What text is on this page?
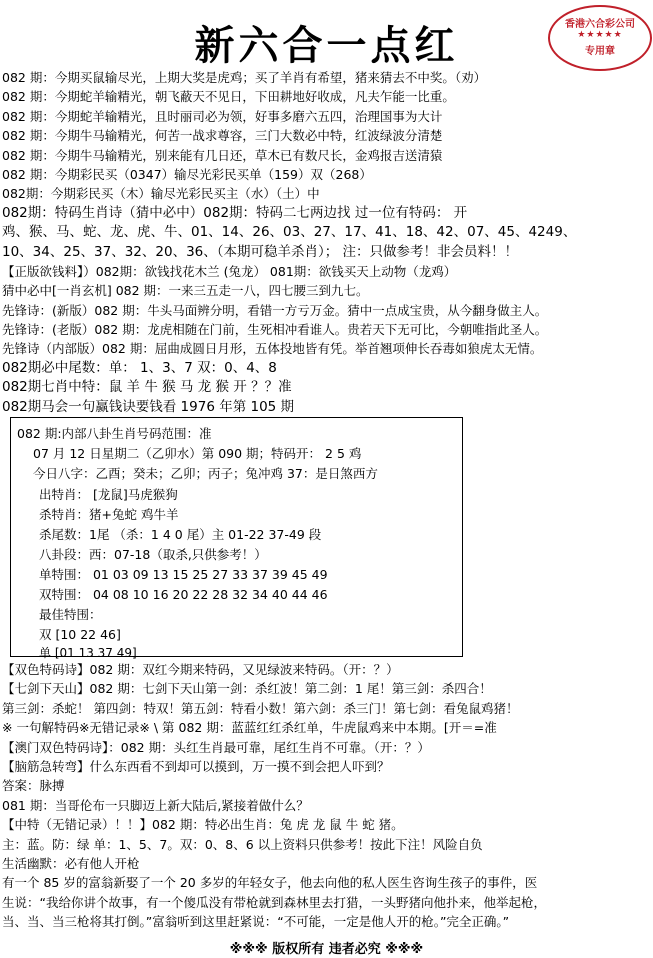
新六合一点红	香港六合彩公司
★★★★★
专用章
082 期：今期买鼠输尽光，上期大奖是虎鸡；买了羊肖有希望，猪来猜去不中奖。（劝）
082 期：今期蛇羊输精光，朝飞蔽天不见日，下田耕地好收成，凡夫乍能一比重。
082 期：今期蛇羊输精光，且时丽司必为领，好事多磨六五四，治理国事为大计
082 期：今期牛马输精光，何苦一战求尊容，三门大数必中特，红波绿波分清楚
082 期：今期牛马输精光，别来能有几日还，草木已有数尺长，金鸡报吉送清猿
082 期：今期彩民买（0347）输尽光彩民买单（159）双（268）
082期：今期彩民买（木）输尽光彩民买主（水）（土）中
082期：特码生肖诗（猜中必中）082期：特码二七两边找 过一位有特码： 开
鸡、猴、马、蛇、龙、虎、牛、01、14、26、03、27、17、41、18、42、07、45、4249、
10、34、25、37、32、20、36、（本期可稳羊杀肖）； 注：只做参考！非会员料！！
【正版欲钱料】）082期：欲钱找花木兰 (兔龙） 081期：欲钱买天上动物（龙鸡）
猜中必中[一肖玄机] 082 期：一来三五走一八，四七腰三到九七。
先锋诗：(新版）082 期：牛头马面辨分明，看错一方亏万金。猜中一点成宝贵，从今翻身做主人。
先锋诗：(老版）082 期：龙虎相随在门前，生死相冲看谁人。贵若天下无可比，今朝唯指此圣人。
先锋诗（内部版）082 期：屈曲成圆日月形，五体投地皆有凭。举首翘项伸长吞毒如狼虎太无情。
082期必中尾数：单： 1、3、7 双：0、4、8
082期七肖中特：鼠 羊 牛 猴 马 龙 猴 开 ？？准
082期马会一句赢钱诀要钱看 1976 年第 105 期
082 期:内部八卦生肖号码范围：准
07 月 12 日星期二（乙卯水）第 090 期；特码开： 2 5 鸡
今日八字：乙酉；癸未；乙卯；丙子；兔冲鸡 37：是日煞西方
出特肖： [龙鼠]马虎猴狗
杀特肖：猪+兔蛇 鸡牛羊
杀尾数：1尾 （杀：1 4 0 尾）主 01-22 37-49 段
八卦段：西：07-18（取杀,只供参考！）
单特围： 01 03 09 13 15 25 27 33 37 39 45 49
双特围： 04 08 10 16 20 22 28 32 34 40 44 46
最佳特围：
双 [10 22 46]
单 [01 13 37 49]
【双色特码诗】082 期：双红今期来特码，又见绿波来特码。（开：？）
【七剑下天山】082 期：七剑下天山第一剑：杀红波！第二剑：1 尾！第三剑：杀四合！
第三剑：杀蛇！ 第四剑：特双！第五剑：特看小数！第六剑：杀三门！第七剑：看兔鼠鸡猪！
※ 一句解特码※无错记录※ \ 第 082 期：蓝蓝红红杀红单，牛虎鼠鸡来中本期。[开＝=准
【澳门双色特码诗】：082 期：头红生肖最可靠，尾红生肖不可靠。（开：？）
【脑筋急转弯】什么东西看不到却可以摸到，万一摸不到会把人吓到？
答案：脉搏
081 期：当哥伦布一只脚迈上新大陆后,紧接着做什么？
【中特（无错记录）！！】082 期：特必出生肖：兔 虎 龙 鼠 牛 蛇 猪。
主：蓝。防：绿 单：1、5、7。双：0、8、6 以上资料只供参考！按此下注！风险自负
生活幽默：必有他人开枪
有一个 85 岁的富翁新娶了一个 20 多岁的年轻女子，他去向他的私人医生咨询生孩子的事件，医
生说：“我给你讲个故事，有一个傻瓜没有带枪就到森林里去打猎，一头野猪向他扑来，他举起枪，
当、当、当三枪将其打倒。”富翁听到这里赶紧说：“不可能，一定是他人开的枪。”完全正确。”
※※※ 版权所有 违者必究 ※※※
